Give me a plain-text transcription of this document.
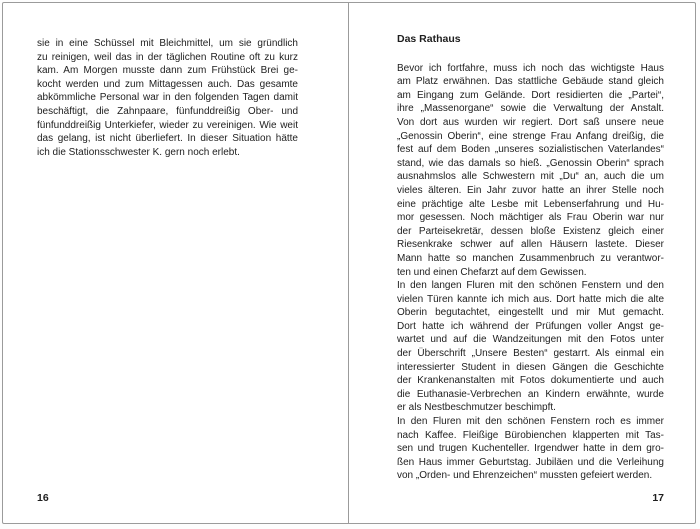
sie in eine Schüssel mit Bleichmittel, um sie gründlich
zu reinigen, weil das in der täglichen Routine oft zu kurz
kam. Am Morgen musste dann zum Frühstück Brei ge-
kocht werden und zum Mittagessen auch. Das gesamte
abkömmliche Personal war in den folgenden Tagen damit
beschäftigt, die Zahnpaare, fünfunddreißig Ober- und
fünfunddreißig Unterkiefer, wieder zu vereinigen. Wie weit
das gelang, ist nicht überliefert. In dieser Situation hätte
ich die Stationsschwester K. gern noch erlebt.
Das Rathaus
Bevor ich fortfahre, muss ich noch das wichtigste Haus
am Platz erwähnen. Das stattliche Gebäude stand gleich
am Eingang zum Gelände. Dort residierten die „Partei“,
ihre „Massenorgane“ sowie die Verwaltung der Anstalt.
Von dort aus wurden wir regiert. Dort saß unsere neue
„Genossin Oberin“, eine strenge Frau Anfang dreißig, die
fest auf dem Boden „unseres sozialistischen Vaterlandes“
stand, wie das damals so hieß. „Genossin Oberin“ sprach
ausnahmslos alle Schwestern mit „Du“ an, auch die um
vieles älteren. Ein Jahr zuvor hatte an ihrer Stelle noch
eine prächtige alte Lesbe mit Lebenserfahrung und Hu-
mor gesessen. Noch mächtiger als Frau Oberin war nur
der Parteisekretär, dessen bloße Existenz gleich einer
Riesenkrake schwer auf allen Häusern lastete. Dieser
Mann hatte so manchen Zusammenbruch zu verantwor-
ten und einen Chefarzt auf dem Gewissen.
In den langen Fluren mit den schönen Fenstern und den
vielen Türen kannte ich mich aus. Dort hatte mich die alte
Oberin begutachtet, eingestellt und mir Mut gemacht.
Dort hatte ich während der Prüfungen voller Angst ge-
wartet und auf die Wandzeitungen mit den Fotos unter
der Überschrift „Unsere Besten“ gestarrt. Als einmal ein
interessierter Student in diesen Gängen die Geschichte
der Krankenanstalten mit Fotos dokumentierte und auch
die Euthanasie-Verbrechen an Kindern erwähnte, wurde
er als Nestbeschmutzer beschimpft.
In den Fluren mit den schönen Fenstern roch es immer
nach Kaffee. Fleißige Bürobienchen klapperten mit Tas-
sen und trugen Kuchenteller. Irgendwer hatte in dem gro-
ßen Haus immer Geburtstag. Jubiläen und die Verleihung
von „Orden- und Ehrenzeichen“ mussten gefeiert werden.
16	17
